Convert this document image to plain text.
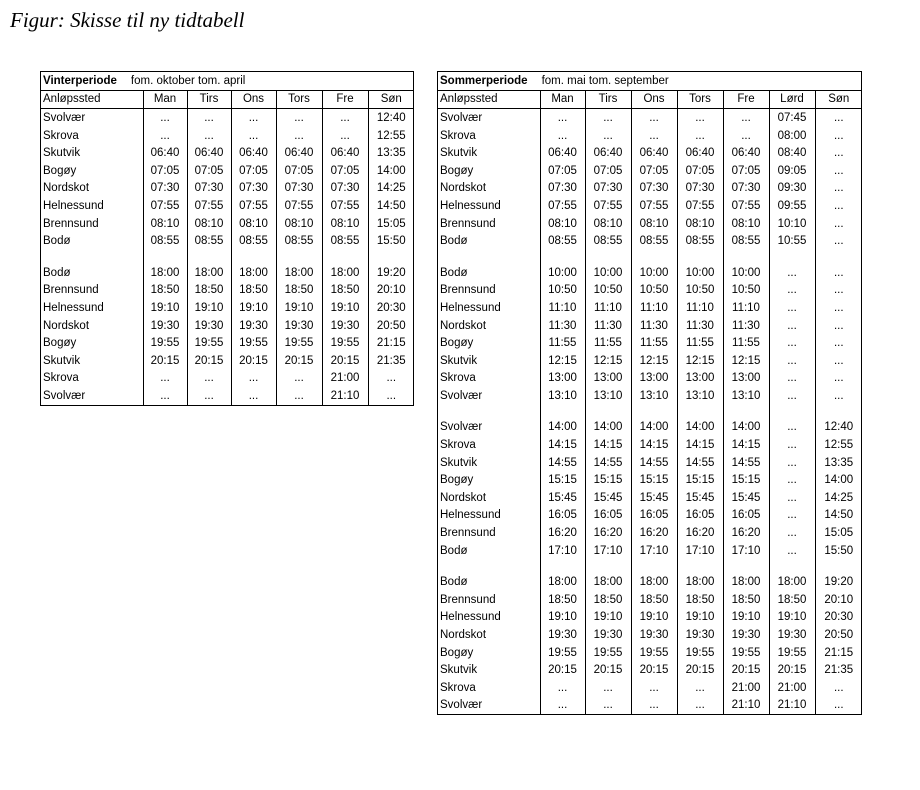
Figur: Skisse til ny tidtabell
Vinterperiode fom. oktober tom. april						
Anløpssted	Man	Tirs	Ons	Tors	Fre	Søn
Svolvær	...	...	...	...	...	12:40
Skrova	...	...	...	...	...	12:55
Skutvik	06:40	06:40	06:40	06:40	06:40	13:35
Bogøy	07:05	07:05	07:05	07:05	07:05	14:00
Nordskot	07:30	07:30	07:30	07:30	07:30	14:25
Helnessund	07:55	07:55	07:55	07:55	07:55	14:50
Brennsund	08:10	08:10	08:10	08:10	08:10	15:05
Bodø	08:55	08:55	08:55	08:55	08:55	15:50

Bodø	18:00	18:00	18:00	18:00	18:00	19:20
Brennsund	18:50	18:50	18:50	18:50	18:50	20:10
Helnessund	19:10	19:10	19:10	19:10	19:10	20:30
Nordskot	19:30	19:30	19:30	19:30	19:30	20:50
Bogøy	19:55	19:55	19:55	19:55	19:55	21:15
Skutvik	20:15	20:15	20:15	20:15	20:15	21:35
Skrova	...	...	...	...	21:00	...
Svolvær	...	...	...	...	21:10	...
Sommerperiode fom. mai tom. september							
Anløpssted	Man	Tirs	Ons	Tors	Fre	Lørd	Søn
Svolvær	...	...	...	...	...	07:45	...
Skrova	...	...	...	...	...	08:00	...
Skutvik	06:40	06:40	06:40	06:40	06:40	08:40	...
Bogøy	07:05	07:05	07:05	07:05	07:05	09:05	...
Nordskot	07:30	07:30	07:30	07:30	07:30	09:30	...
Helnessund	07:55	07:55	07:55	07:55	07:55	09:55	...
Brennsund	08:10	08:10	08:10	08:10	08:10	10:10	...
Bodø	08:55	08:55	08:55	08:55	08:55	10:55	...

Bodø	10:00	10:00	10:00	10:00	10:00	...	...
Brennsund	10:50	10:50	10:50	10:50	10:50	...	...
Helnessund	11:10	11:10	11:10	11:10	11:10	...	...
Nordskot	11:30	11:30	11:30	11:30	11:30	...	...
Bogøy	11:55	11:55	11:55	11:55	11:55	...	...
Skutvik	12:15	12:15	12:15	12:15	12:15	...	...
Skrova	13:00	13:00	13:00	13:00	13:00	...	...
Svolvær	13:10	13:10	13:10	13:10	13:10	...	...

Svolvær	14:00	14:00	14:00	14:00	14:00	...	12:40
Skrova	14:15	14:15	14:15	14:15	14:15	...	12:55
Skutvik	14:55	14:55	14:55	14:55	14:55	...	13:35
Bogøy	15:15	15:15	15:15	15:15	15:15	...	14:00
Nordskot	15:45	15:45	15:45	15:45	15:45	...	14:25
Helnessund	16:05	16:05	16:05	16:05	16:05	...	14:50
Brennsund	16:20	16:20	16:20	16:20	16:20	...	15:05
Bodø	17:10	17:10	17:10	17:10	17:10	...	15:50

Bodø	18:00	18:00	18:00	18:00	18:00	18:00	19:20
Brennsund	18:50	18:50	18:50	18:50	18:50	18:50	20:10
Helnessund	19:10	19:10	19:10	19:10	19:10	19:10	20:30
Nordskot	19:30	19:30	19:30	19:30	19:30	19:30	20:50
Bogøy	19:55	19:55	19:55	19:55	19:55	19:55	21:15
Skutvik	20:15	20:15	20:15	20:15	20:15	20:15	21:35
Skrova	...	...	...	...	21:00	21:00	...
Svolvær	...	...	...	...	21:10	21:10	...
